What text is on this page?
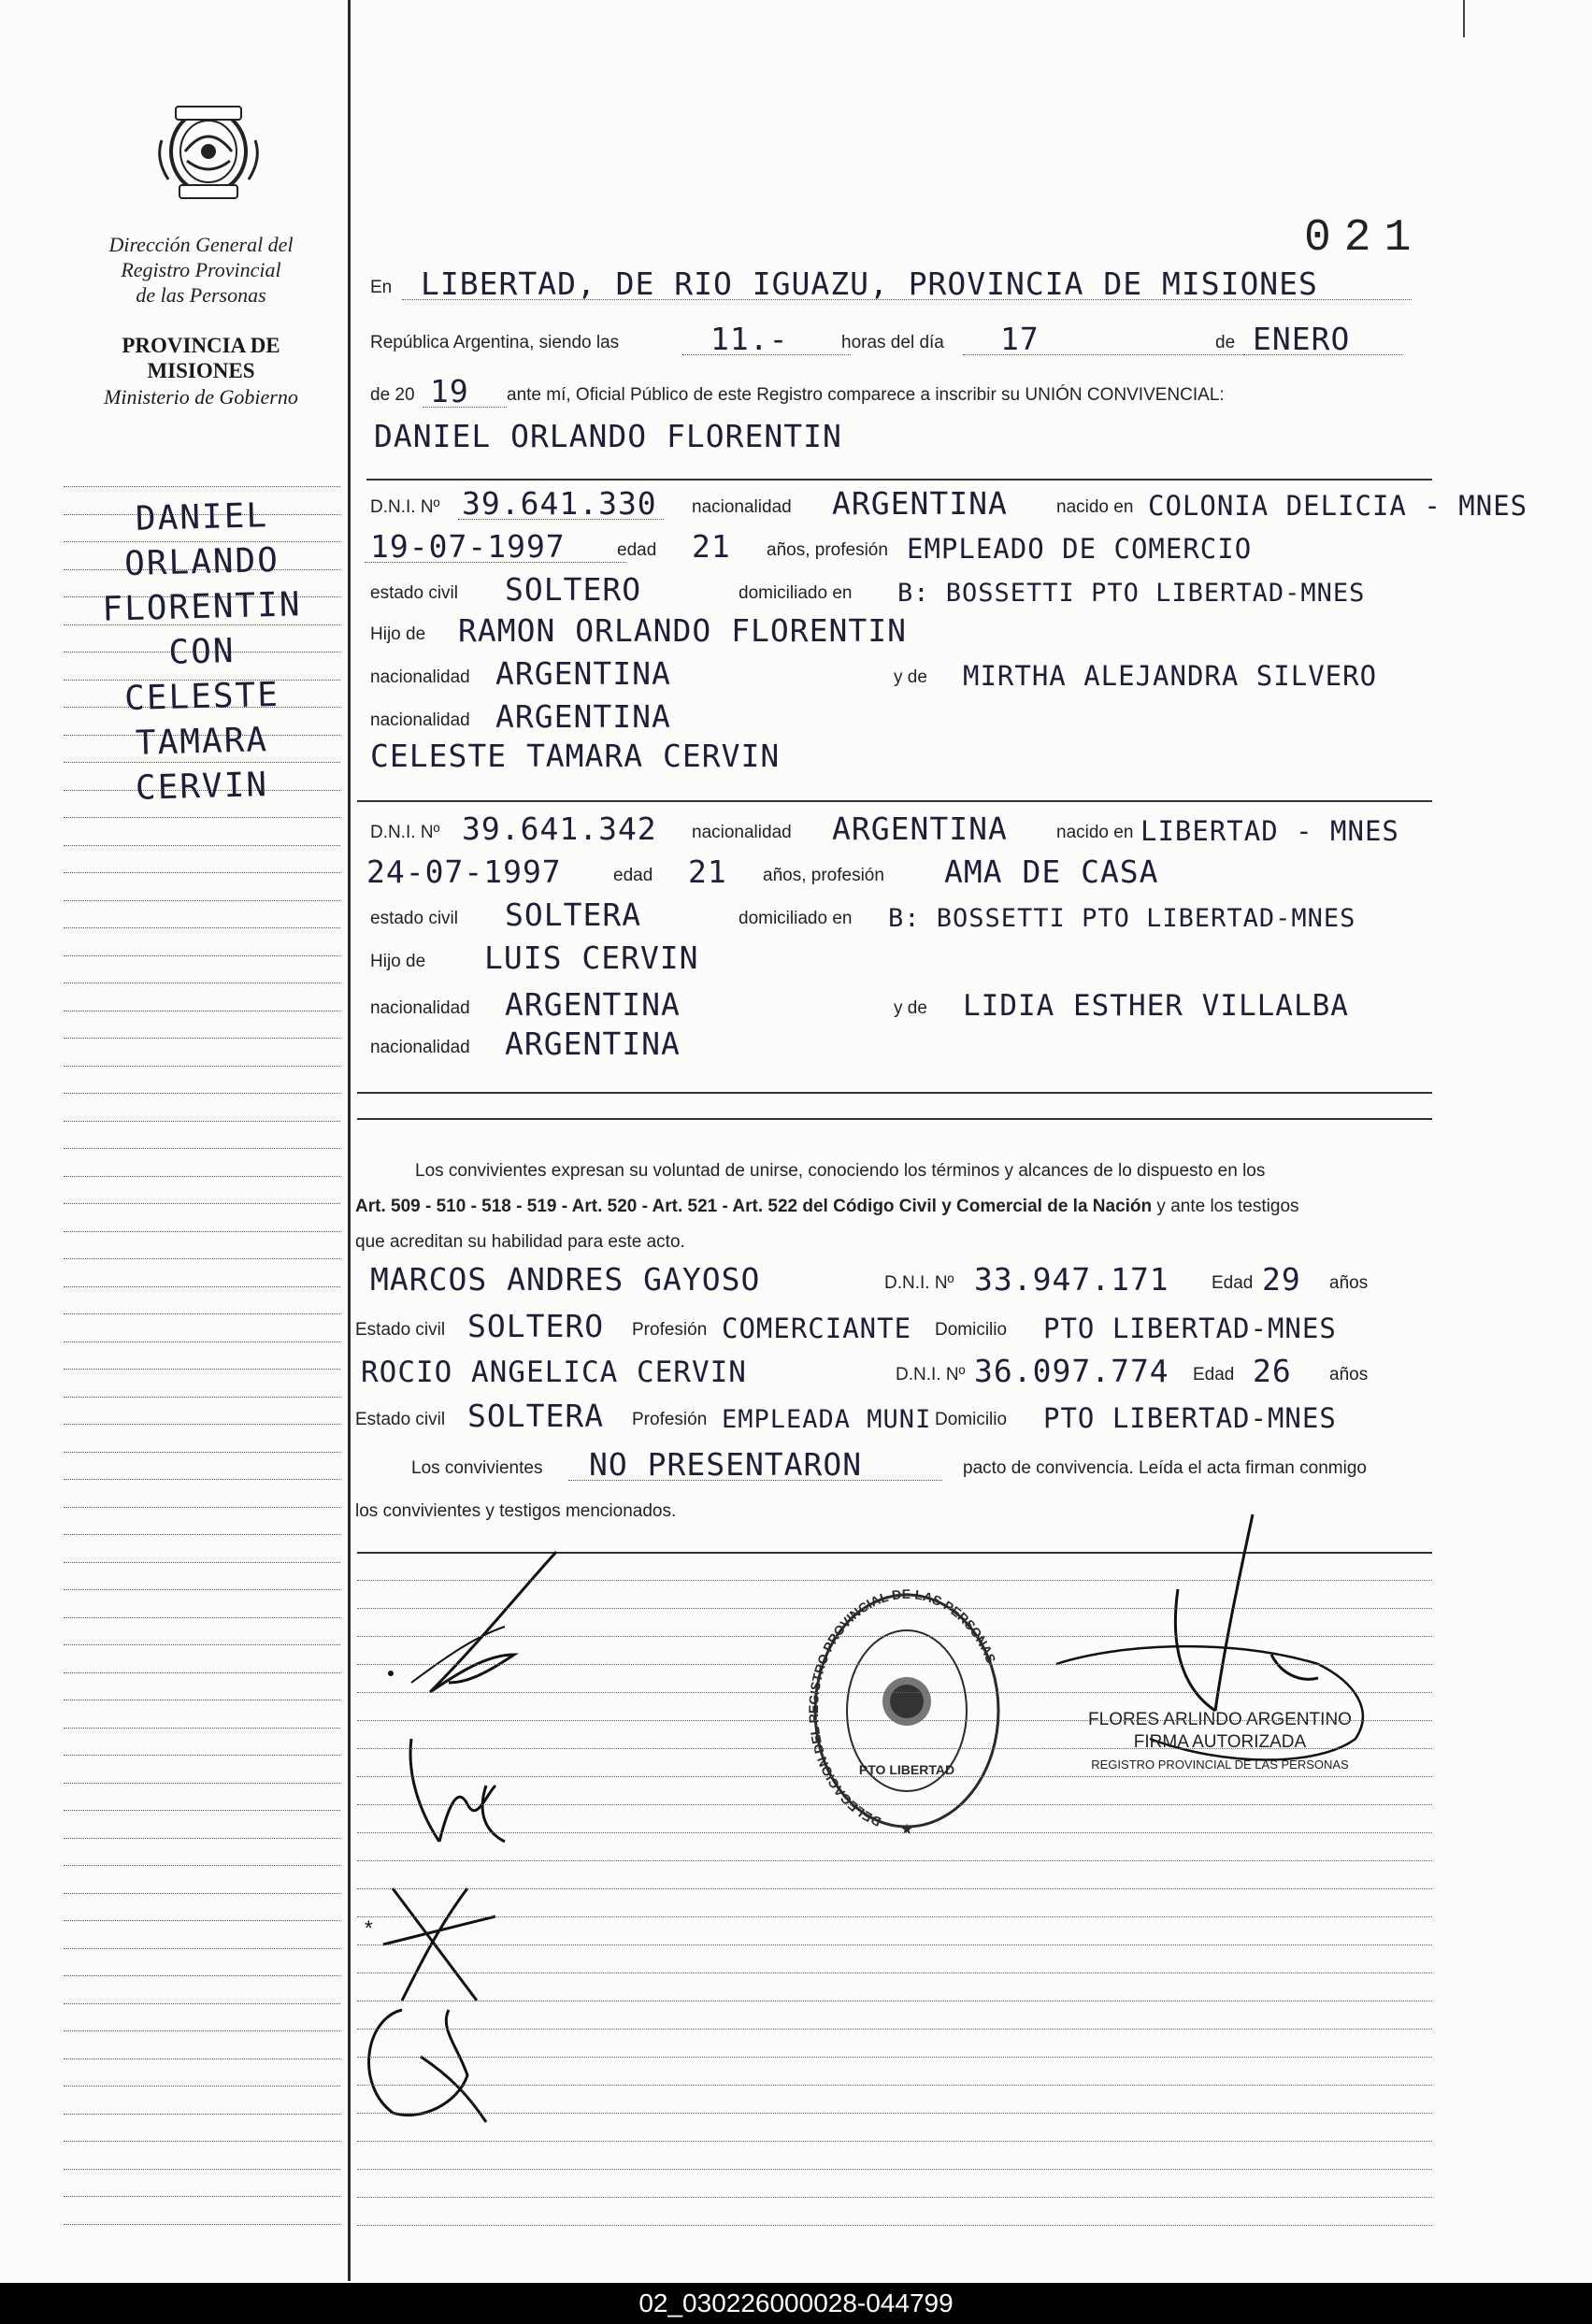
Dirección General del
Registro Provincial
de las Personas
PROVINCIA DE
MISIONES
Ministerio de Gobierno
DANIEL
ORLANDO
FLORENTIN
CON
CELESTE
TAMARA
CERVIN
021
En LIBERTAD, DE RIO IGUAZU, PROVINCIA DE MISIONES
República Argentina, siendo las	11.-	horas del día 17	de ENERO
de 20 19 ante mí, Oficial Público de este Registro comparece a inscribir su UNIÓN CONVIVENCIAL:
DANIEL ORLANDO FLORENTIN
D.N.I. Nº 39.641.330 nacionalidad ARGENTINA	nacido en COLONIA DELICIA - MNES
19-07-1997	edad 21 años, profesión EMPLEADO DE COMERCIO
estado civil SOLTERO	domiciliado en B: BOSSETTI PTO LIBERTAD-MNES
Hijo de RAMON ORLANDO FLORENTIN
nacionalidad ARGENTINA	y de MIRTHA ALEJANDRA SILVERO
nacionalidad ARGENTINA
CELESTE TAMARA CERVIN
D.N.I. Nº 39.641.342 nacionalidad ARGENTINA	nacido en LIBERTAD - MNES
24-07-1997	edad 21 años, profesión AMA DE CASA
estado civil SOLTERA	domiciliado en B: BOSSETTI PTO LIBERTAD-MNES
Hijo de LUIS CERVIN
nacionalidad ARGENTINA	y de LIDIA ESTHER VILLALBA
nacionalidad ARGENTINA
Los convivientes expresan su voluntad de unirse, conociendo los términos y alcances de lo dispuesto en los
Art. 509 - 510 - 518 - 519 - Art. 520 - Art. 521 - Art. 522 del Código Civil y Comercial de la Nación y ante los testigos
que acreditan su habilidad para este acto.
MARCOS ANDRES GAYOSO	D.N.I. Nº 33.947.171 Edad 29 años
Estado civil SOLTERO Profesión COMERCIANTE Domicilio PTO LIBERTAD-MNES
ROCIO ANGELICA CERVIN	D.N.I. Nº 36.097.774 Edad 26 años
Estado civil SOLTERA Profesión EMPLEADA MUNI Domicilio PTO LIBERTAD-MNES
Los convivientes NO PRESENTARON	pacto de convivencia. Leída el acta firman conmigo
los convivientes y testigos mencionados.
*
DELEGACION DEL REGISTRO PROVINCIAL DE LAS PERSONAS
PTO LIBERTAD
★
FLORES ARLINDO ARGENTINO
FIRMA AUTORIZADA
REGISTRO PROVINCIAL DE LAS PERSONAS
02_030226000028-044799
